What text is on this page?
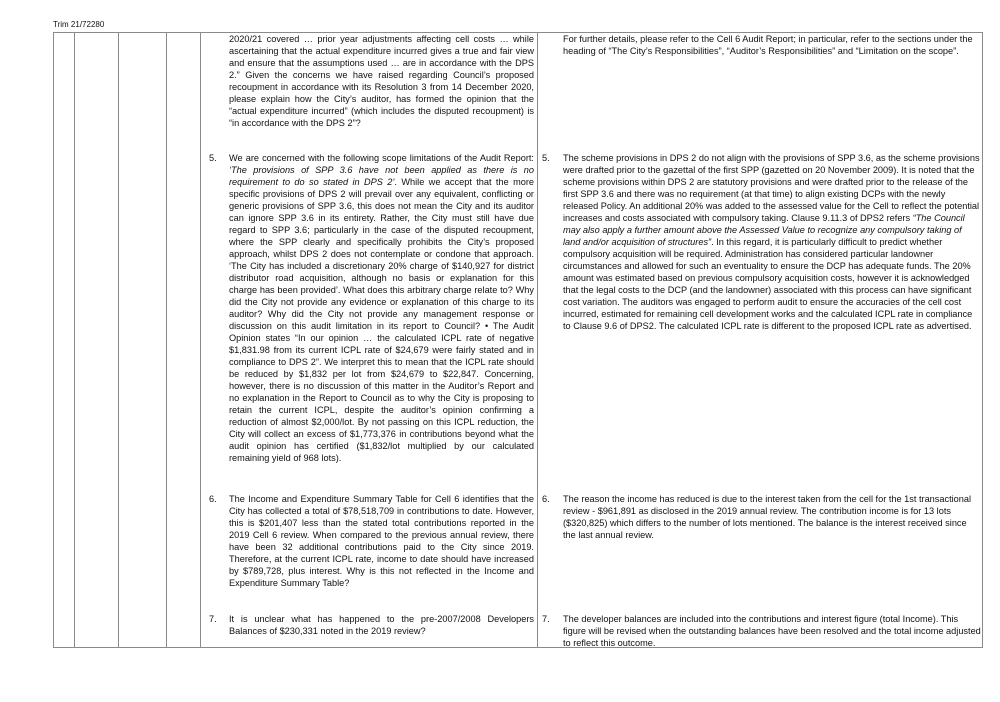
Trim 21/72280
2020/21 covered … prior year adjustments affecting cell costs … while ascertaining that the actual expenditure incurred gives a true and fair view and ensure that the assumptions used … are in accordance with the DPS 2.” Given the concerns we have raised regarding Council’s proposed recoupment in accordance with its Resolution 3 from 14 December 2020, please explain how the City’s auditor, has formed the opinion that the “actual expenditure incurred” (which includes the disputed recoupment) is “in accordance with the DPS 2”?
For further details, please refer to the Cell 6 Audit Report; in particular, refer to the sections under the heading of “The City’s Responsibilities”, “Auditor’s Responsibilities” and “Limitation on the scope”.
5. We are concerned with the following scope limitations of the Audit Report: ‘The provisions of SPP 3.6 have not been applied as there is no requirement to do so stated in DPS 2’. While we accept that the more specific provisions of DPS 2 will prevail over any equivalent, conflicting or generic provisions of SPP 3.6, this does not mean the City and its auditor can ignore SPP 3.6 in its entirety. Rather, the City must still have due regard to SPP 3.6; particularly in the case of the disputed recoupment, where the SPP clearly and specifically prohibits the City’s proposed approach, whilst DPS 2 does not contemplate or condone that approach. ‘The City has included a discretionary 20% charge of $140,927 for district distributor road acquisition, although no basis or explanation for this charge has been provided’. What does this arbitrary charge relate to? Why did the City not provide any evidence or explanation of this charge to its auditor? Why did the City not provide any management response or discussion on this audit limitation in its report to Council? • The Audit Opinion states “In our opinion … the calculated ICPL rate of negative $1,831.98 from its current ICPL rate of $24,679 were fairly stated and in compliance to DPS 2”. We interpret this to mean that the ICPL rate should be reduced by $1,832 per lot from $24,679 to $22,847. Concerning, however, there is no discussion of this matter in the Auditor’s Report and no explanation in the Report to Council as to why the City is proposing to retain the current ICPL, despite the auditor’s opinion confirming a reduction of almost $2,000/lot. By not passing on this ICPL reduction, the City will collect an excess of $1,773,376 in contributions beyond what the audit opinion has certified ($1,832/lot multiplied by our calculated remaining yield of 968 lots).
5. The scheme provisions in DPS 2 do not align with the provisions of SPP 3.6, as the scheme provisions were drafted prior to the gazettal of the first SPP (gazetted on 20 November 2009). It is noted that the scheme provisions within DPS 2 are statutory provisions and were drafted prior to the release of the first SPP 3.6 and there was no requirement (at that time) to align existing DCPs with the newly released Policy. An additional 20% was added to the assessed value for the Cell to reflect the potential increases and costs associated with compulsory taking. Clause 9.11.3 of DPS2 refers “The Council may also apply a further amount above the Assessed Value to recognize any compulsory taking of land and/or acquisition of structures”. In this regard, it is particularly difficult to predict whether compulsory acquisition will be required. Administration has considered particular landowner circumstances and allowed for such an eventuality to ensure the DCP has adequate funds. The 20% amount was estimated based on previous compulsory acquisition costs, however it is acknowledged that the legal costs to the DCP (and the landowner) associated with this process can have significant cost variation. The auditors was engaged to perform audit to ensure the accuracies of the cell cost incurred, estimated for remaining cell development works and the calculated ICPL rate in compliance to Clause 9.6 of DPS2. The calculated ICPL rate is different to the proposed ICPL rate as advertised.
6. The Income and Expenditure Summary Table for Cell 6 identifies that the City has collected a total of $78,518,709 in contributions to date. However, this is $201,407 less than the stated total contributions reported in the 2019 Cell 6 review. When compared to the previous annual review, there have been 32 additional contributions paid to the City since 2019. Therefore, at the current ICPL rate, income to date should have increased by $789,728, plus interest. Why is this not reflected in the Income and Expenditure Summary Table?
6. The reason the income has reduced is due to the interest taken from the cell for the 1st transactional review - $961,891 as disclosed in the 2019 annual review. The contribution income is for 13 lots ($320,825) which differs to the number of lots mentioned. The balance is the interest received since the last annual review.
7. It is unclear what has happened to the pre-2007/2008 Developers Balances of $230,331 noted in the 2019 review?
7. The developer balances are included into the contributions and interest figure (total Income). This figure will be revised when the outstanding balances have been resolved and the total income adjusted to reflect this outcome.
